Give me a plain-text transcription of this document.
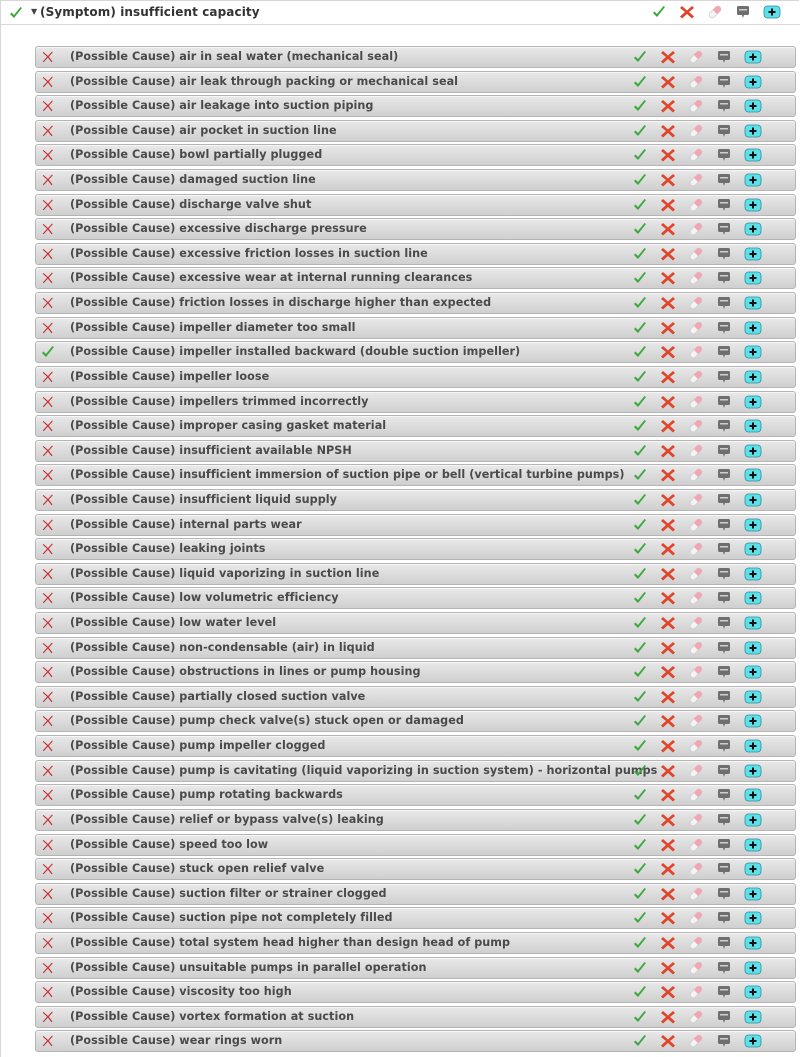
▼ (Symptom) insufficient capacity
(Possible Cause) air in seal water (mechanical seal)
(Possible Cause) air leak through packing or mechanical seal
(Possible Cause) air leakage into suction piping
(Possible Cause) air pocket in suction line
(Possible Cause) bowl partially plugged
(Possible Cause) damaged suction line
(Possible Cause) discharge valve shut
(Possible Cause) excessive discharge pressure
(Possible Cause) excessive friction losses in suction line
(Possible Cause) excessive wear at internal running clearances
(Possible Cause) friction losses in discharge higher than expected
(Possible Cause) impeller diameter too small
(Possible Cause) impeller installed backward (double suction impeller)
(Possible Cause) impeller loose
(Possible Cause) impellers trimmed incorrectly
(Possible Cause) improper casing gasket material
(Possible Cause) insufficient available NPSH
(Possible Cause) insufficient immersion of suction pipe or bell (vertical turbine pumps)
(Possible Cause) insufficient liquid supply
(Possible Cause) internal parts wear
(Possible Cause) leaking joints
(Possible Cause) liquid vaporizing in suction line
(Possible Cause) low volumetric efficiency
(Possible Cause) low water level
(Possible Cause) non-condensable (air) in liquid
(Possible Cause) obstructions in lines or pump housing
(Possible Cause) partially closed suction valve
(Possible Cause) pump check valve(s) stuck open or damaged
(Possible Cause) pump impeller clogged
(Possible Cause) pump is cavitating (liquid vaporizing in suction system) - horizontal pumps
(Possible Cause) pump rotating backwards
(Possible Cause) relief or bypass valve(s) leaking
(Possible Cause) speed too low
(Possible Cause) stuck open relief valve
(Possible Cause) suction filter or strainer clogged
(Possible Cause) suction pipe not completely filled
(Possible Cause) total system head higher than design head of pump
(Possible Cause) unsuitable pumps in parallel operation
(Possible Cause) viscosity too high
(Possible Cause) vortex formation at suction
(Possible Cause) wear rings worn
